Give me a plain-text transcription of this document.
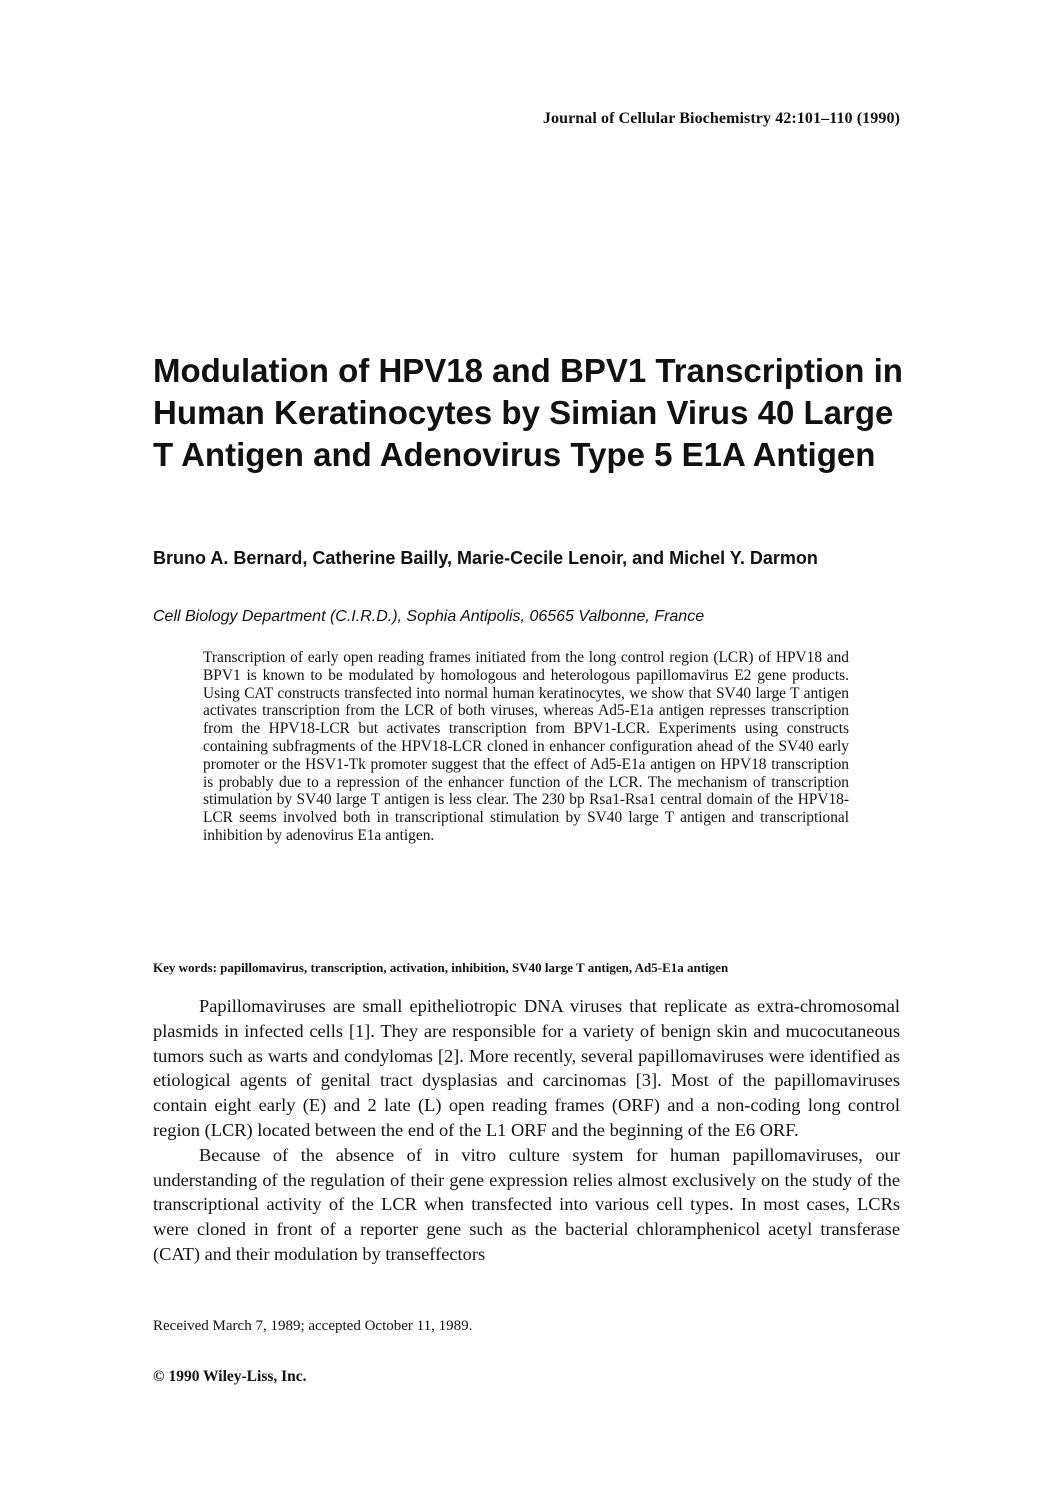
Journal of Cellular Biochemistry 42:101–110 (1990)
Modulation of HPV18 and BPV1 Transcription in Human Keratinocytes by Simian Virus 40 Large T Antigen and Adenovirus Type 5 E1A Antigen
Bruno A. Bernard, Catherine Bailly, Marie-Cecile Lenoir, and Michel Y. Darmon
Cell Biology Department (C.I.R.D.), Sophia Antipolis, 06565 Valbonne, France
Transcription of early open reading frames initiated from the long control region (LCR) of HPV18 and BPV1 is known to be modulated by homologous and heterologous papillomavirus E2 gene products. Using CAT constructs transfected into normal human keratinocytes, we show that SV40 large T antigen activates transcription from the LCR of both viruses, whereas Ad5-E1a antigen represses transcription from the HPV18-LCR but activates transcription from BPV1-LCR. Experiments using constructs containing subfragments of the HPV18-LCR cloned in enhancer configuration ahead of the SV40 early promoter or the HSV1-Tk promoter suggest that the effect of Ad5-E1a antigen on HPV18 transcription is probably due to a repression of the enhancer function of the LCR. The mechanism of transcription stimulation by SV40 large T antigen is less clear. The 230 bp Rsa1-Rsa1 central domain of the HPV18-LCR seems involved both in transcriptional stimulation by SV40 large T antigen and transcriptional inhibition by adenovirus E1a antigen.
Key words: papillomavirus, transcription, activation, inhibition, SV40 large T antigen, Ad5-E1a antigen

Papillomaviruses are small epitheliotropic DNA viruses that replicate as extra-chromosomal plasmids in infected cells [1]. They are responsible for a variety of benign skin and mucocutaneous tumors such as warts and condylomas [2]. More recently, several papillomaviruses were identified as etiological agents of genital tract dysplasias and carcinomas [3]. Most of the papillomaviruses contain eight early (E) and 2 late (L) open reading frames (ORF) and a non-coding long control region (LCR) located between the end of the L1 ORF and the beginning of the E6 ORF.

Because of the absence of in vitro culture system for human papillomaviruses, our understanding of the regulation of their gene expression relies almost exclusively on the study of the transcriptional activity of the LCR when transfected into various cell types. In most cases, LCRs were cloned in front of a reporter gene such as the bacterial chloramphenicol acetyl transferase (CAT) and their modulation by transeffectors

Received March 7, 1989; accepted October 11, 1989.
© 1990 Wiley-Liss, Inc.
